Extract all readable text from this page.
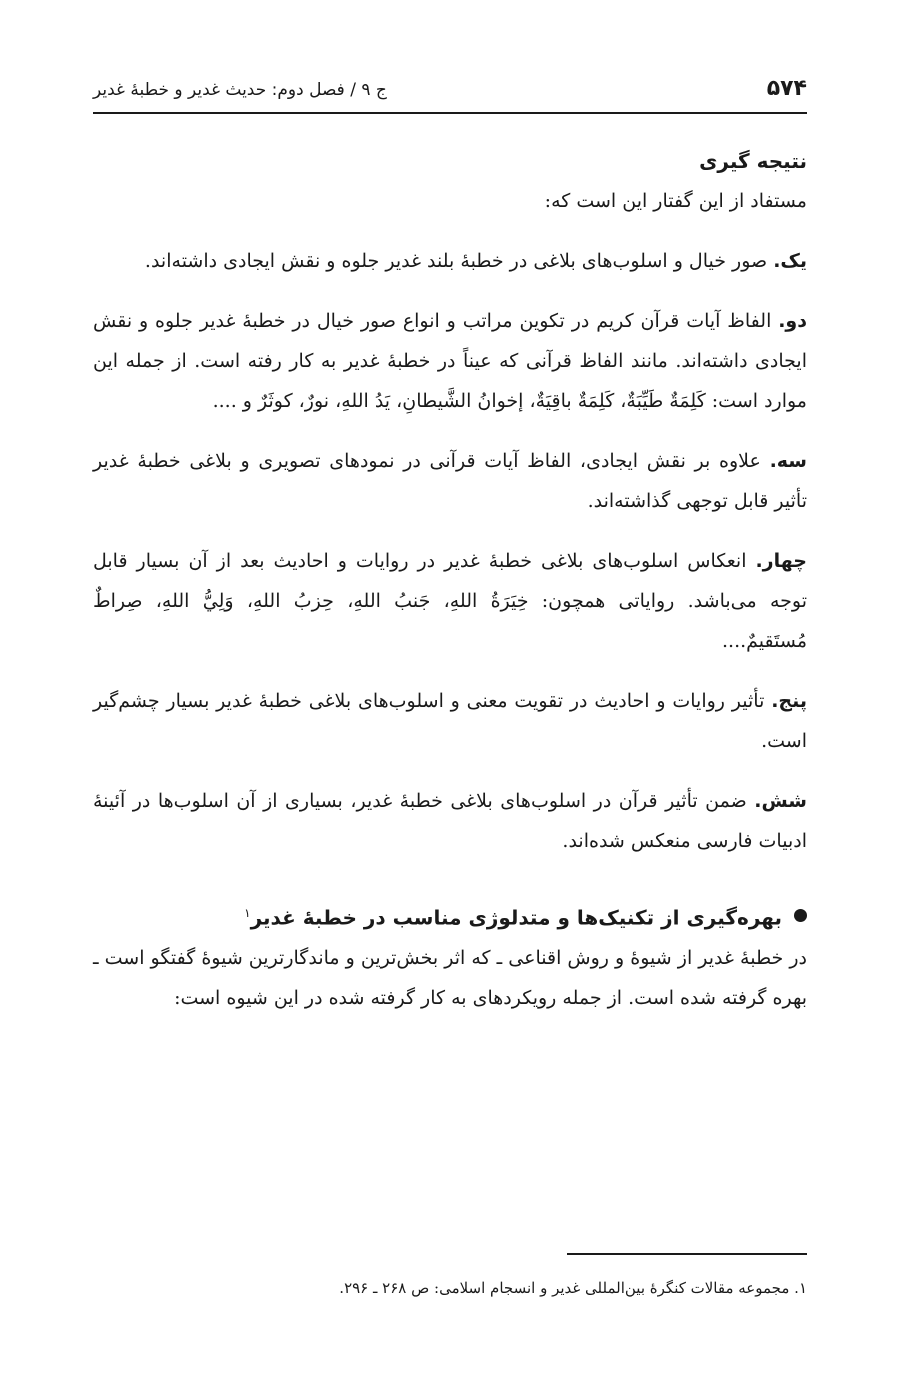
۵۷۴
ج ۹ / فصل دوم: حدیث غدیر و خطبهٔ غدیر
نتیجه گیری

مستفاد از این گفتار این است که:

یک. صور خیال و اسلوب‌های بلاغی در خطبهٔ بلند غدیر جلوه و نقش ایجادی داشته‌اند.

دو. الفاظ آیات قرآن کریم در تکوین مراتب و انواع صور خیال در خطبهٔ غدیر جلوه و نقش ایجادی داشته‌اند. مانند الفاظ قرآنی که عیناً در خطبهٔ غدیر به کار رفته است. از جمله این موارد است: كَلِمَةٌ طَيِّبَةٌ، كَلِمَةٌ باقِيَةٌ، إخوانُ الشَّيطانِ، يَدُ اللهِ، نورٌ، كوثَرٌ و ....

سه. علاوه بر نقش ایجادی، الفاظ آیات قرآنی در نمودهای تصویری و بلاغی خطبهٔ غدیر تأثیر قابل توجهی گذاشته‌اند.

چهار. انعکاس اسلوب‌های بلاغی خطبهٔ غدیر در روایات و احادیث بعد از آن بسیار قابل توجه می‌باشد. روایاتی همچون: خِيَرَةُ اللهِ، جَنبُ اللهِ، حِزبُ اللهِ، وَلِيُّ اللهِ، صِراطٌ مُستَقيمٌ....

پنج. تأثیر روایات و احادیث در تقویت معنی و اسلوب‌های بلاغی خطبهٔ غدیر بسیار چشم‌گیر است.

شش. ضمن تأثیر قرآن در اسلوب‌های بلاغی خطبهٔ غدیر، بسیاری از آن اسلوب‌ها در آئینهٔ ادبیات فارسی منعکس شده‌اند.

بهره‌گیری از تکنیک‌ها و متدلوژی مناسب در خطبهٔ غدیر$^۱$

در خطبهٔ غدیر از شیوهٔ و روش اقناعی ـ که اثر بخش‌ترین و ماندگارترین شیوهٔ گفتگو است ـ بهره گرفته شده است. از جمله رویکردهای به کار گرفته شده در این شیوه است:

۱. مجموعه مقالات کنگرهٔ بین‌المللی غدیر و انسجام اسلامی: ص ۲۶۸ ـ ۲۹۶.
